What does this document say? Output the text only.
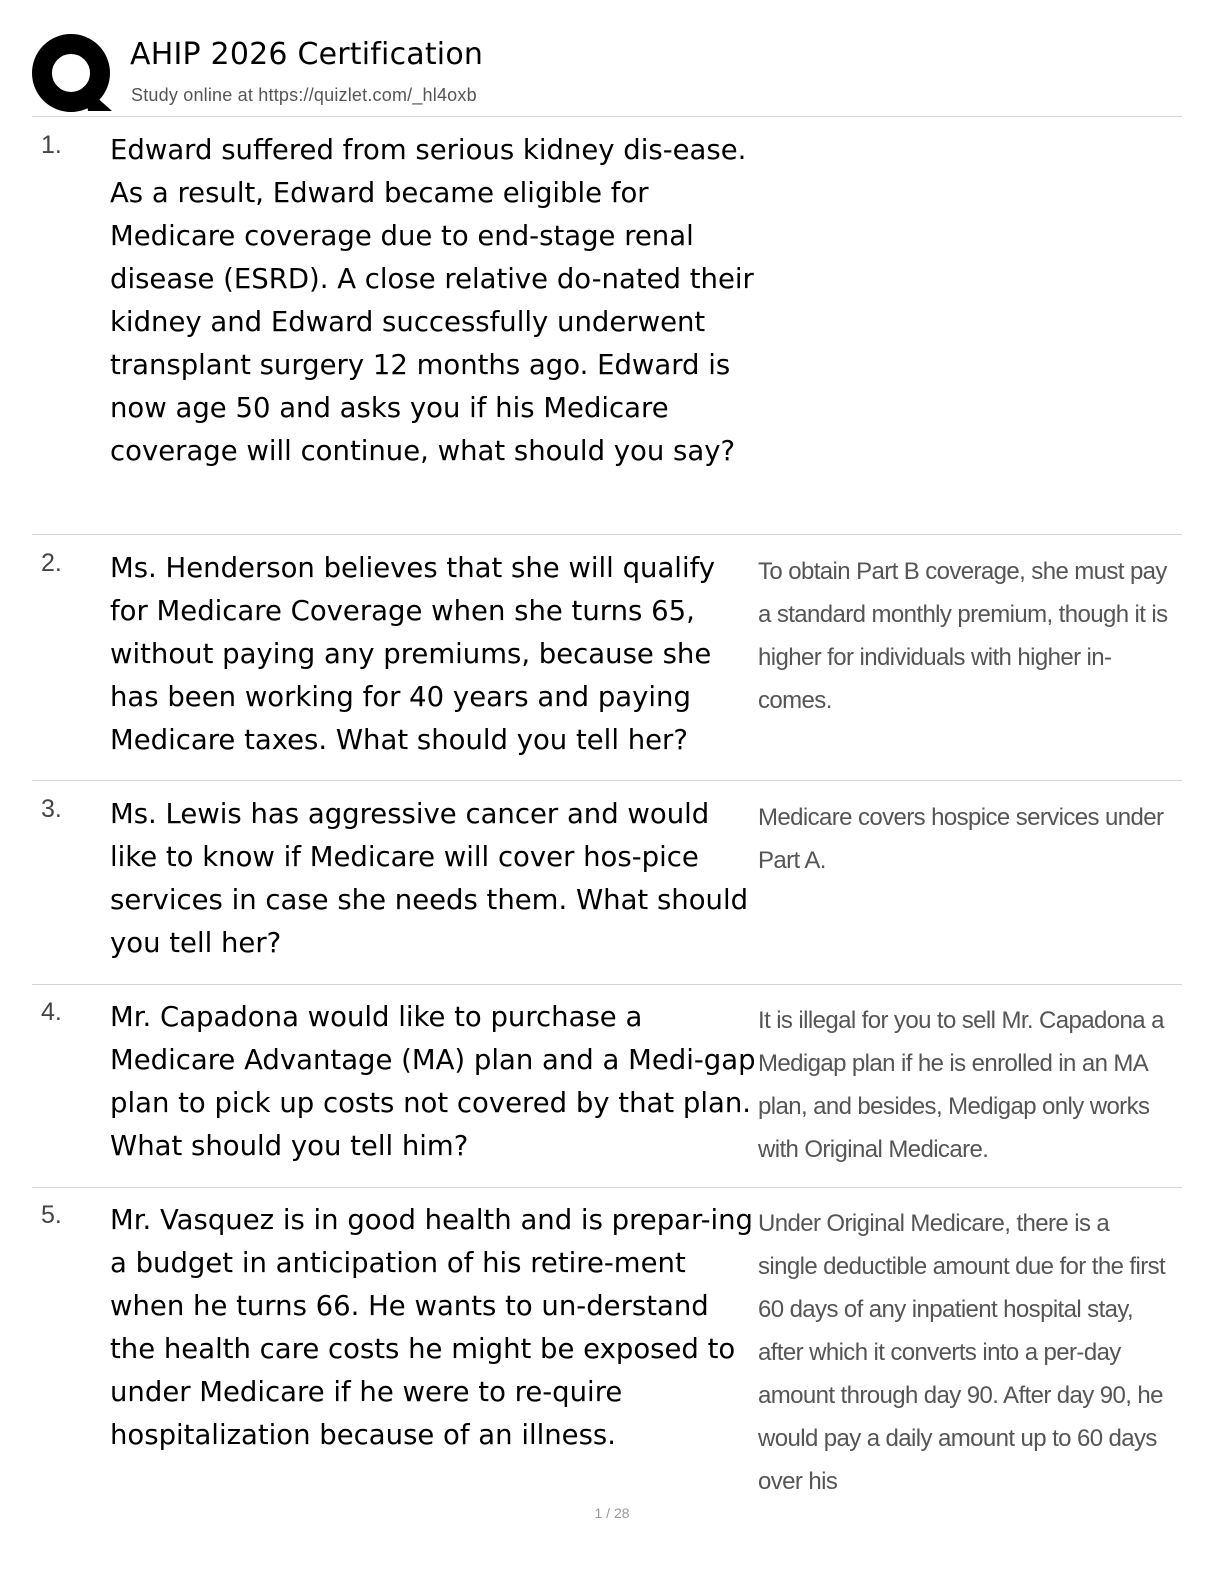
AHIP 2026 Certification
Study online at https://quizlet.com/_hl4oxb
1. Edward suffered from serious kidney dis-ease. As a result, Edward became eligible for Medicare coverage due to end-stage renal disease (ESRD). A close relative do-nated their kidney and Edward successfully underwent transplant surgery 12 months ago. Edward is now age 50 and asks you if his Medicare coverage will continue, what should you say?
2. Ms. Henderson believes that she will qualify for Medicare Coverage when she turns 65, without paying any premiums, because she has been working for 40 years and paying Medicare taxes. What should you tell her?
To obtain Part B coverage, she must pay a standard monthly premium, though it is higher for individuals with higher in-comes.
3. Ms. Lewis has aggressive cancer and would like to know if Medicare will cover hos-pice services in case she needs them. What should you tell her?
Medicare covers hospice services under Part A.
4. Mr. Capadona would like to purchase a Medicare Advantage (MA) plan and a Medi-gap plan to pick up costs not covered by that plan. What should you tell him?
It is illegal for you to sell Mr. Capadona a Medigap plan if he is enrolled in an MA plan, and besides, Medigap only works with Original Medicare.
5. Mr. Vasquez is in good health and is prepar-ing a budget in anticipation of his retire-ment when he turns 66. He wants to un-derstand the health care costs he might be exposed to under Medicare if he were to re-quire hospitalization because of an illness.
Under Original Medicare, there is a single deductible amount due for the first 60 days of any inpatient hospital stay, after which it converts into a per-day amount through day 90. After day 90, he would pay a daily amount up to 60 days over his
1 / 28
